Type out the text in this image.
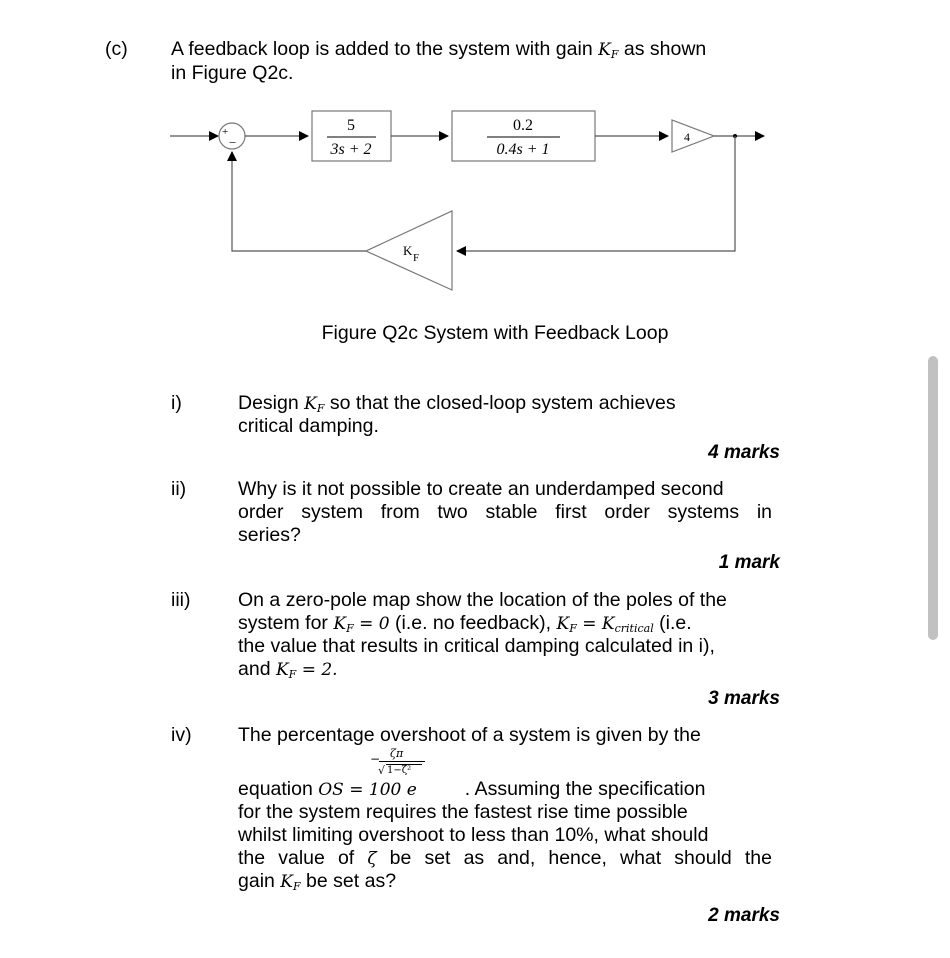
(c) A feedback loop is added to the system with gain $K_F$ as shown
in Figure Q2c.
+
−
5
3s + 2
0.2
0.4s + 1
4
K F
Figure Q2c System with Feedback Loop
i)	Design $K_F$ so that the closed-loop system achieves
critical damping.
4 marks
ii)	Why is it not possible to create an underdamped second
order system from two stable first order systems in
series?
1 mark
iii) On a zero-pole map show the location of the poles of the
system for $K_F = 0$ (i.e. no feedback), $K_F = K_{critical}$ (i.e.
the value that results in critical damping calculated in i),
and $K_F = 2$.
3 marks
iv) The percentage overshoot of a system is given by the
− ζπ
√ 1−ζ²
equation OS = 100 e . Assuming the specification
for the system requires the fastest rise time possible
whilst limiting overshoot to less than 10%, what should
the value of ζ be set as and, hence, what should the
gain $K_F$ be set as?
2 marks
